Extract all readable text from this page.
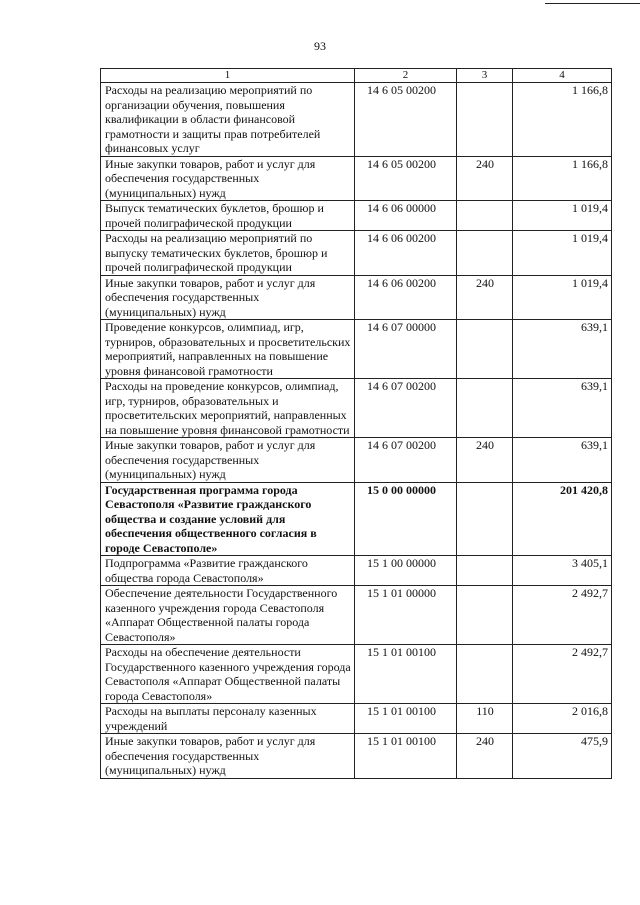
93
1	2	3	4
Расходы на реализацию мероприятий по организации обучения, повышения квалификации в области финансовой грамотности и защиты прав потребителей финансовых услуг	14 6 05 00200		1 166,8
Иные закупки товаров, работ и услуг для обеспечения государственных (муниципальных) нужд	14 6 05 00200	240	1 166,8
Выпуск тематических буклетов, брошюр и прочей полиграфической продукции	14 6 06 00000		1 019,4
Расходы на реализацию мероприятий по выпуску тематических буклетов, брошюр и прочей полиграфической продукции	14 6 06 00200		1 019,4
Иные закупки товаров, работ и услуг для обеспечения государственных (муниципальных) нужд	14 6 06 00200	240	1 019,4
Проведение конкурсов, олимпиад, игр, турниров, образовательных и просветительских мероприятий, направленных на повышение уровня финансовой грамотности	14 6 07 00000		639,1
Расходы на проведение конкурсов, олимпиад, игр, турниров, образовательных и просветительских мероприятий, направленных на повышение уровня финансовой грамотности	14 6 07 00200		639,1
Иные закупки товаров, работ и услуг для обеспечения государственных (муниципальных) нужд	14 6 07 00200	240	639,1
Государственная программа города Севастополя «Развитие гражданского общества и создание условий для обеспечения общественного согласия в городе Севастополе»	15 0 00 00000		201 420,8
Подпрограмма «Развитие гражданского общества города Севастополя»	15 1 00 00000		3 405,1
Обеспечение деятельности Государственного казенного учреждения города Севастополя «Аппарат Общественной палаты города Севастополя»	15 1 01 00000		2 492,7
Расходы на обеспечение деятельности Государственного казенного учреждения города Севастополя «Аппарат Общественной палаты города Севастополя»	15 1 01 00100		2 492,7
Расходы на выплаты персоналу казенных учреждений	15 1 01 00100	110	2 016,8
Иные закупки товаров, работ и услуг для обеспечения государственных (муниципальных) нужд	15 1 01 00100	240	475,9
